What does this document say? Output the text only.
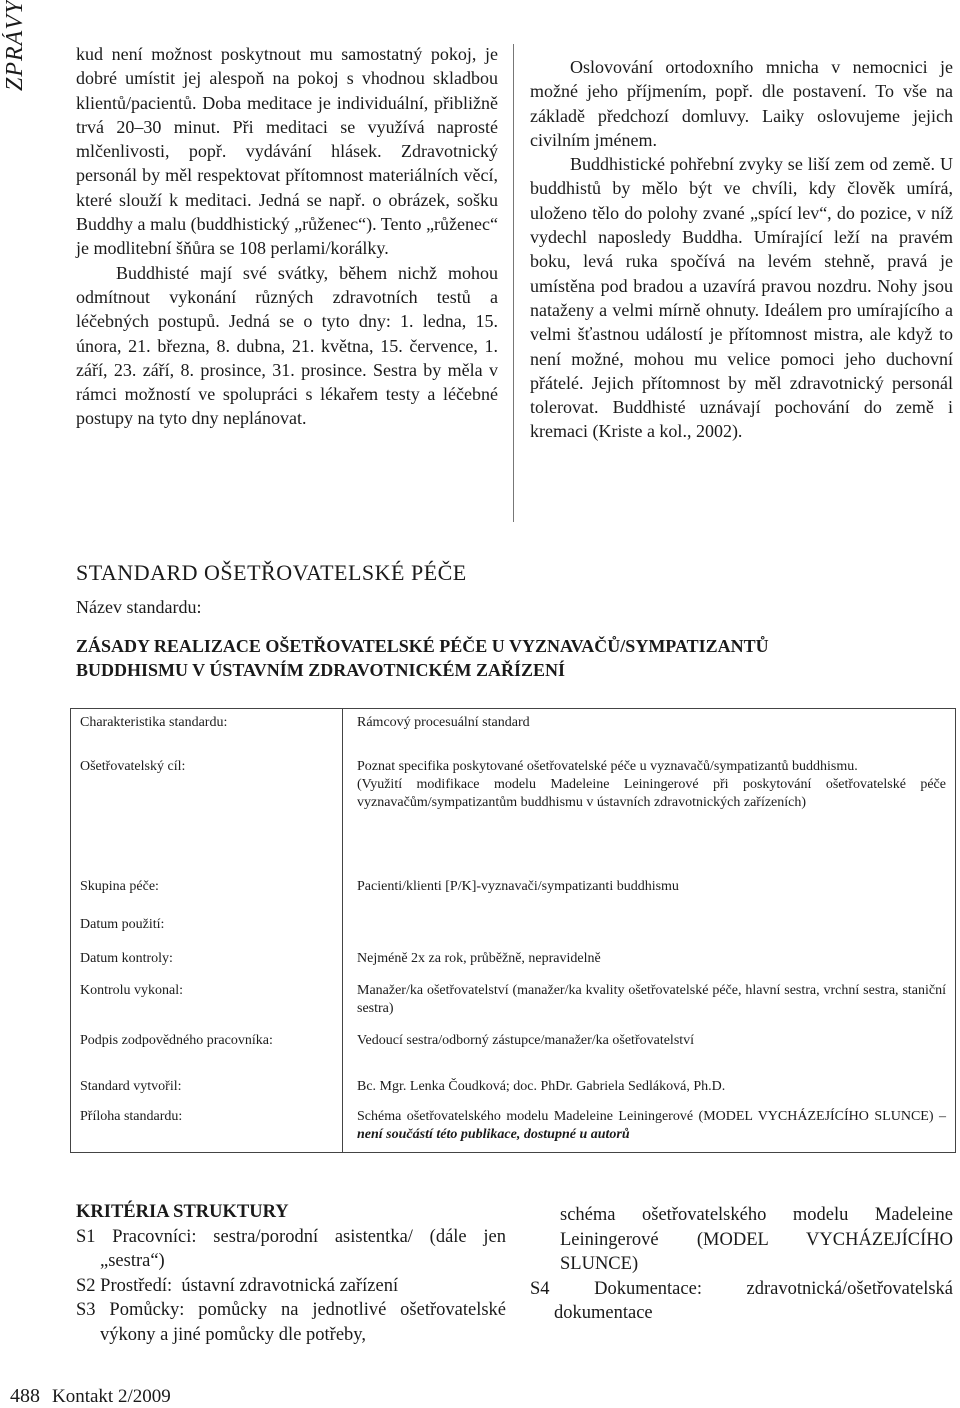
ZPRÁVY	kud není možnost poskytnout mu samostatný pokoj, je dobré umístit jej alespoň na pokoj s vhodnou skladbou klientů/pacientů. Doba meditace je individuální, přibližně trvá 20–30 minut. Při meditaci se využívá naprosté mlčenlivosti, popř. vydávání hlásek. Zdravotnický personál by měl respektovat přítomnost materiálních věcí, které slouží k meditaci. Jedná se např. o obrázek, sošku Buddhy a malu (buddhistický „růženec“). Tento „růženec“ je modlitební šňůra se 108 perlami/korálky.

Buddhisté mají své svátky, během nichž mohou odmítnout vykonání různých zdravotních testů a léčebných postupů. Jedná se o tyto dny: 1. ledna, 15. února, 21. března, 8. dubna, 21. května, 15. července, 1. září, 23. září, 8. prosince, 31. prosince. Sestra by měla v rámci možností ve spolupráci s lékařem testy a léčebné postupy na tyto dny neplánovat.

Oslovování ortodoxního mnicha v nemocnici je možné jeho příjmením, popř. dle postavení. To vše na základě předchozí domluvy. Laiky oslovujeme jejich civilním jménem.

Buddhistické pohřební zvyky se liší zem od země. U buddhistů by mělo být ve chvíli, kdy člověk umírá, uloženo tělo do polohy zvané „spící lev“, do pozice, v níž vydechl naposledy Buddha. Umírající leží na pravém boku, levá ruka spočívá na levém stehně, pravá je umístěna pod bradou a uzavírá pravou nozdru. Nohy jsou nataženy a velmi mírně ohnuty. Ideálem pro umírajícího a velmi šťastnou událostí je přítomnost mistra, ale když to není možné, mohou mu velice pomoci jeho duchovní přátelé. Jejich přítomnost by měl zdravotnický personál tolerovat. Buddhisté uznávají pochování do země i kremaci (Kriste a kol., 2002).

STANDARD OŠETŘOVATELSKÉ PÉČE
Název standardu:
ZÁSADY REALIZACE OŠETŘOVATELSKÉ PÉČE U VYZNAVAČŮ/SYMPATIZANTŮ
BUDDHISMU V ÚSTAVNÍM ZDRAVOTNICKÉM ZAŘÍZENÍ
Charakteristika standardu:	Rámcový procesuální standard
Ošetřovatelský cíl:	Poznat specifika poskytované ošetřovatelské péče u vyznavačů/sympatizantů buddhismu.
(Využití modifikace modelu Madeleine Leiningerové při poskytování ošetřovatelské péče vyznavačům/sympatizantům buddhismu v ústavních zdravotnických zařízeních)

Skupina péče:	Pacienti/klienti [P/K]-vyznavači/sympatizanti buddhismu
Datum použití:	
Datum kontroly:	Nejméně 2x za rok, průběžně, nepravidelně
Kontrolu vykonal:	Manažer/ka ošetřovatelství (manažer/ka kvality ošetřovatelské péče, hlavní sestra, vrchní sestra, staniční sestra)
Podpis zodpovědného pracovníka:	Vedoucí sestra/odborný zástupce/manažer/ka ošetřovatelství
Standard vytvořil:	Bc. Mgr. Lenka Čoudková; doc. PhDr. Gabriela Sedláková, Ph.D.
Příloha standardu:	Schéma ošetřovatelského modelu Madeleine Leiningerové (MODEL VYCHÁZEJÍCÍHO SLUNCE) – není součástí této publikace, dostupné u autorů
KRITÉRIA STRUKTURY

S1 Pracovníci: sestra/porodní asistentka/ (dále jen „sestra“)

S2 Prostředí:  ústavní zdravotnická zařízení

S3 Pomůcky: pomůcky na jednotlivé ošetřovatelské výkony a jiné pomůcky dle potřeby,

schéma ošetřovatelského modelu Madeleine Leiningerové (MODEL VYCHÁZEJÍCÍHO SLUNCE)

S4 Dokumentace: zdravotnická/ošetřovatelská dokumentace

488 Kontakt 2/2009
